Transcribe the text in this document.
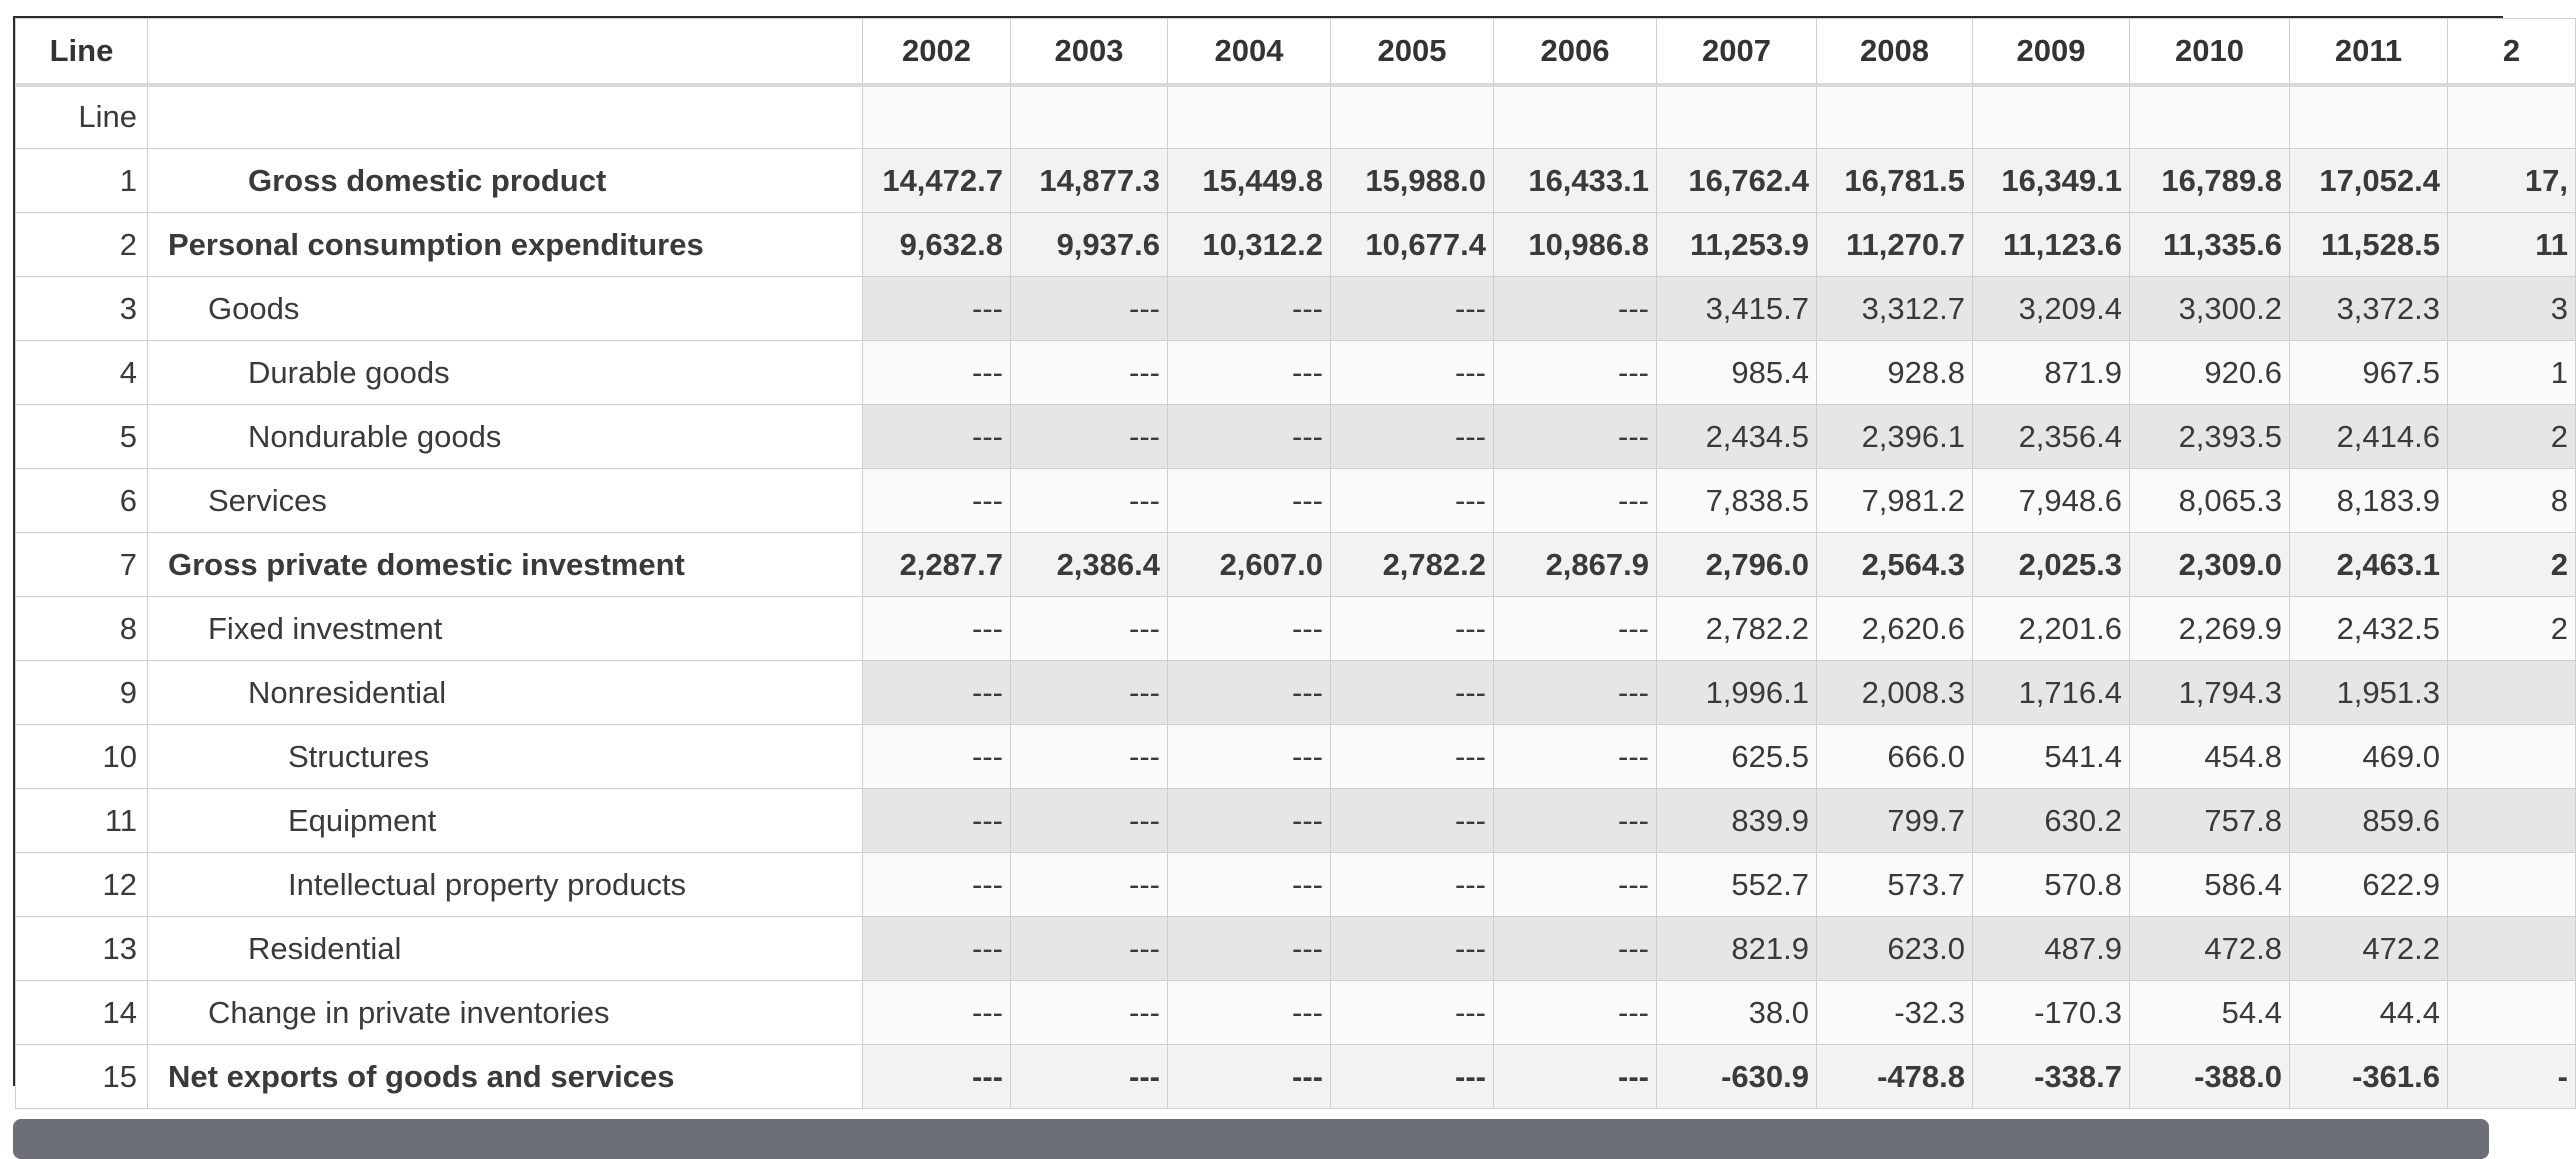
Line		2002	2003	2004	2005	2006	2007	2008	2009	2010	2011	2
Line												
1	Gross domestic product	14,472.7	14,877.3	15,449.8	15,988.0	16,433.1	16,762.4	16,781.5	16,349.1	16,789.8	17,052.4	17,
2	Personal consumption expenditures	9,632.8	9,937.6	10,312.2	10,677.4	10,986.8	11,253.9	11,270.7	11,123.6	11,335.6	11,528.5	11
3	Goods	---	---	---	---	---	3,415.7	3,312.7	3,209.4	3,300.2	3,372.3	3
4	Durable goods	---	---	---	---	---	985.4	928.8	871.9	920.6	967.5	1
5	Nondurable goods	---	---	---	---	---	2,434.5	2,396.1	2,356.4	2,393.5	2,414.6	2
6	Services	---	---	---	---	---	7,838.5	7,981.2	7,948.6	8,065.3	8,183.9	8
7	Gross private domestic investment	2,287.7	2,386.4	2,607.0	2,782.2	2,867.9	2,796.0	2,564.3	2,025.3	2,309.0	2,463.1	2
8	Fixed investment	---	---	---	---	---	2,782.2	2,620.6	2,201.6	2,269.9	2,432.5	2
9	Nonresidential	---	---	---	---	---	1,996.1	2,008.3	1,716.4	1,794.3	1,951.3	
10	Structures	---	---	---	---	---	625.5	666.0	541.4	454.8	469.0	
11	Equipment	---	---	---	---	---	839.9	799.7	630.2	757.8	859.6	
12	Intellectual property products	---	---	---	---	---	552.7	573.7	570.8	586.4	622.9	
13	Residential	---	---	---	---	---	821.9	623.0	487.9	472.8	472.2	
14	Change in private inventories	---	---	---	---	---	38.0	-32.3	-170.3	54.4	44.4	
15	Net exports of goods and services	---	---	---	---	---	-630.9	-478.8	-338.7	-388.0	-361.6	-
